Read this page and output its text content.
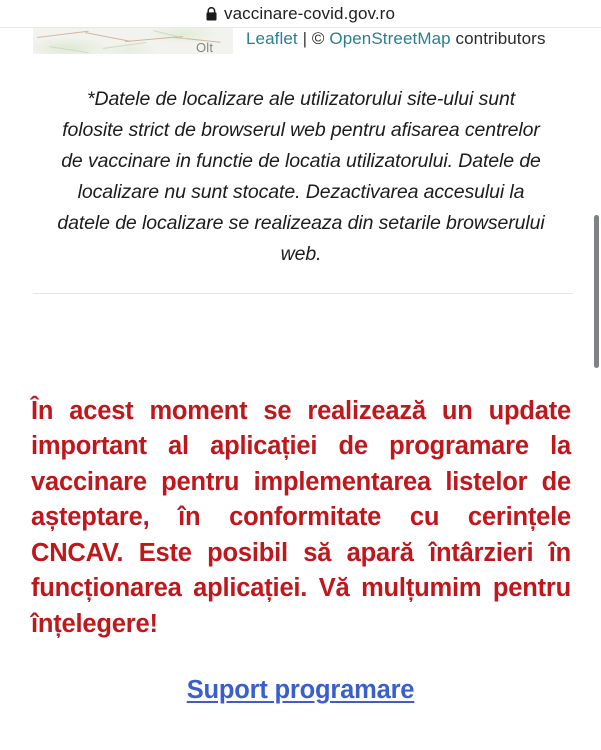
vaccinare-covid.gov.ro
Olt Leaflet | © OpenStreetMap contributors

*Datele de localizare ale utilizatorului site-ului sunt folosite strict de browserul web pentru afisarea centrelor de vaccinare in functie de locatia utilizatorului. Datele de localizare nu sunt stocate. Dezactivarea accesului la datele de localizare se realizeaza din setarile browserului web.

În acest moment se realizează un update important al aplicației de programare la vaccinare pentru implementarea listelor de așteptare, în conformitate cu cerințele CNCAV. Este posibil să apară întârzieri în funcționarea aplicației. Vă mulțumim pentru înțelegere!

Suport programare
